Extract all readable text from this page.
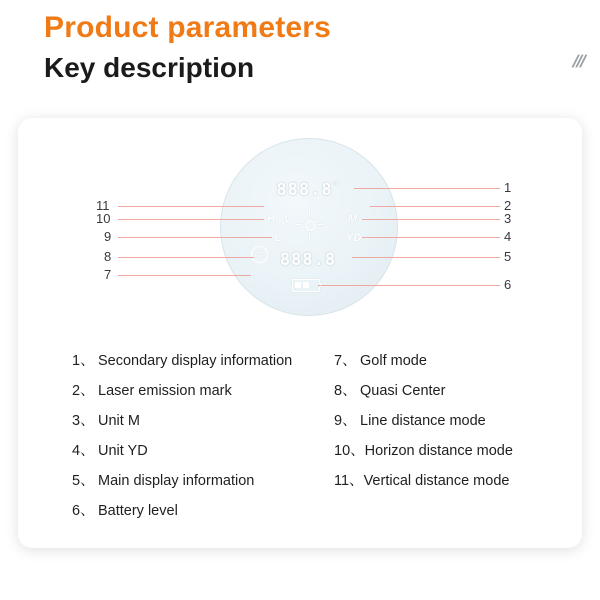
Product parameters
Key description	///
888.8°
H V
L
M
YD
↯ 888.8
1
2
3
4
5
6
11
10
9
8
7
1、 Secondary display information
2、 Laser emission mark
3、 Unit M
4、 Unit YD
5、 Main display information
6、 Battery level
7、 Golf mode
8、 Quasi Center
9、 Line distance mode
10、Horizon distance mode
11、Vertical distance mode
